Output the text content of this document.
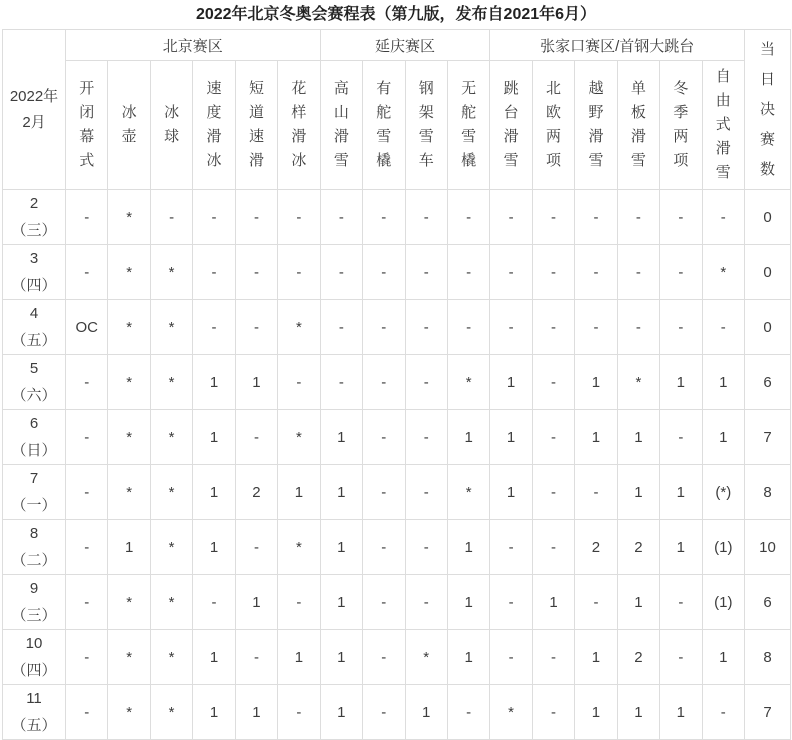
2022年北京冬奥会赛程表（第九版，发布自2021年6月）
2022年
2月	北京赛区						延庆赛区				张家口赛区/首钢大跳台						当日决赛数
	开闭幕式	冰壶	冰球	速度滑冰	短道速滑	花样滑冰	高山滑雪	有舵雪橇	钢架雪车	无舵雪橇	跳台滑雪	北欧两项	越野滑雪	单板滑雪	冬季两项	自由式滑雪	

2
（三）	-	*	-	-	-	-	-	-	-	-	-	-	-	-	-	-	0

3
（四）	-	*	*	-	-	-	-	-	-	-	-	-	-	-	-	*	0

4
（五）	OC	*	*	-	-	*	-	-	-	-	-	-	-	-	-	-	0

5
（六）	-	*	*	1	1	-	-	-	-	*	1	-	1	*	1	1	6

6
（日）	-	*	*	1	-	*	1	-	-	1	1	-	1	1	-	1	7

7
（一）	-	*	*	1	2	1	1	-	-	*	1	-	-	1	1	(*)	8

8
（二）	-	1	*	1	-	*	1	-	-	1	-	-	2	2	1	(1)	10

9
（三）	-	*	*	-	1	-	1	-	-	1	-	1	-	1	-	(1)	6

10
（四）	-	*	*	1	-	1	1	-	*	1	-	-	1	2	-	1	8

11
（五）	-	*	*	1	1	-	1	-	1	-	*	-	1	1	1	-	7
